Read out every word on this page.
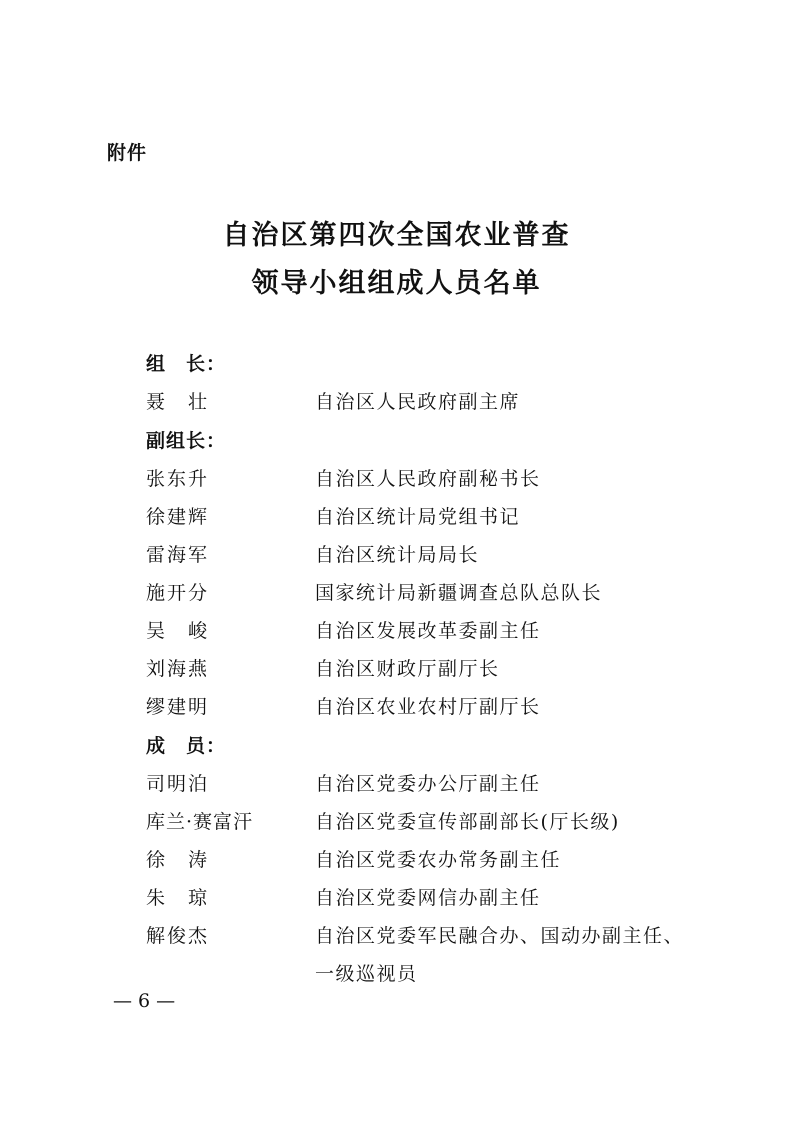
附件
自治区第四次全国农业普查
领导小组组成人员名单
组　长：
聂　壮	自治区人民政府副主席
副组长：
张东升	自治区人民政府副秘书长
徐建辉	自治区统计局党组书记
雷海军	自治区统计局局长
施开分	国家统计局新疆调查总队总队长
吴　峻	自治区发展改革委副主任
刘海燕	自治区财政厅副厅长
缪建明	自治区农业农村厅副厅长
成　员：
司明泊	自治区党委办公厅副主任
库兰·赛富汗	自治区党委宣传部副部长(厅长级)
徐　涛	自治区党委农办常务副主任
朱　琼	自治区党委网信办副主任
解俊杰	自治区党委军民融合办、国动办副主任、
一级巡视员
— 6 —
